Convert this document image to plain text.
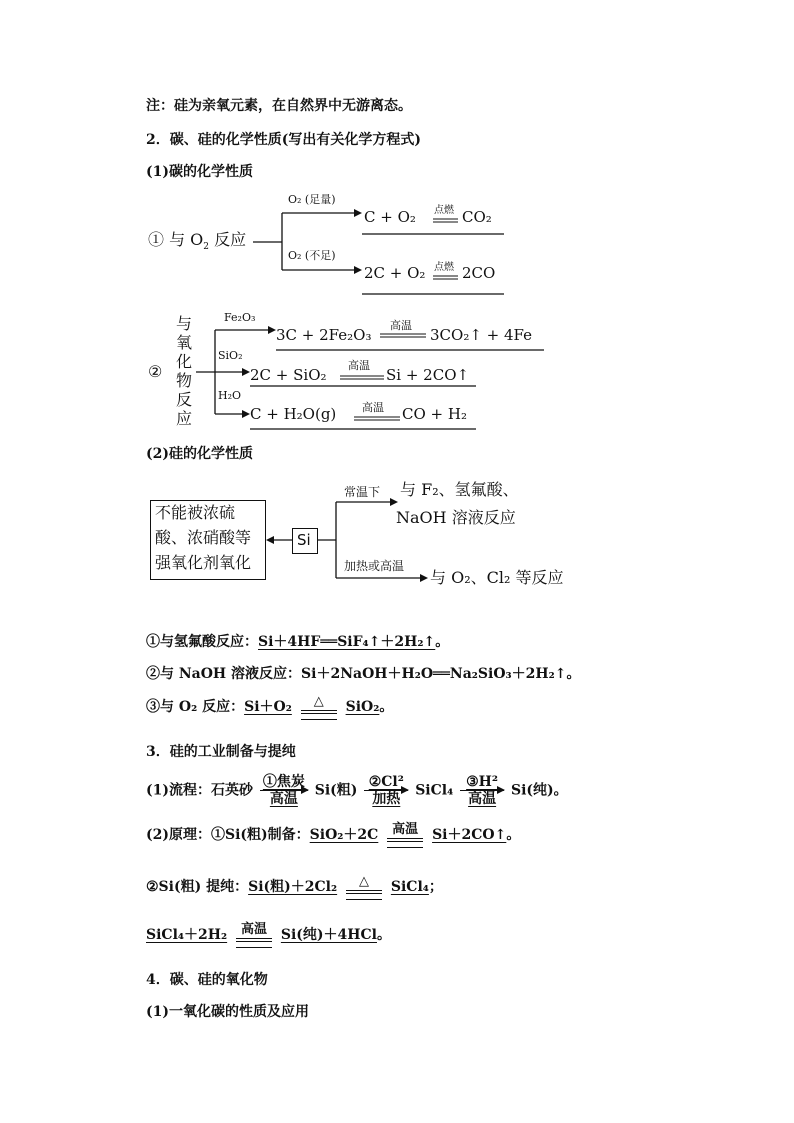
注：硅为亲氧元素，在自然界中无游离态。
2．碳、硅的化学性质(写出有关化学方程式)
(1)碳的化学性质
① 与 $O_2$ 反应
O₂ (足量)
C + O₂ 点燃 CO₂
O₂ (不足)
2C + O₂ 点燃 2CO
②
与
氧
化
物
反
应
Fe₂O₃
3C + 2Fe₂O₃
高温
3CO₂↑ + 4Fe
SiO₂
2C + SiO₂
高温
Si + 2CO↑
H₂O
C + H₂O(g) 高温 CO + H₂
(2)硅的化学性质
不能被浓硫
酸、浓硝酸等
强氧化剂氧化
Si
常温下 与 F₂、氢氟酸、
NaOH 溶液反应
加热或高温
与 O₂、Cl₂ 等反应
①与氢氟酸反应：Si＋4HF══SiF₄↑＋2H₂↑。
②与 NaOH 溶液反应：Si＋2NaOH＋H₂O══Na₂SiO₃＋2H₂↑。
③与 O₂ 反应：Si＋O₂	△	SiO₂。
3．硅的工业制备与提纯
(1)流程：石英砂
①焦炭
高温
Si(粗)
②Cl²
加热
SiCl₄
③H²
高温
Si(纯)。
(2)原理：①Si(粗)制备：SiO₂＋2C	高温 Si＋2CO↑。
②Si(粗) 提纯：Si(粗)＋2Cl₂	△	SiCl₄；
SiCl₄＋2H₂	高温 Si(纯)＋4HCl。
4．碳、硅的氧化物
(1)一氧化碳的性质及应用
